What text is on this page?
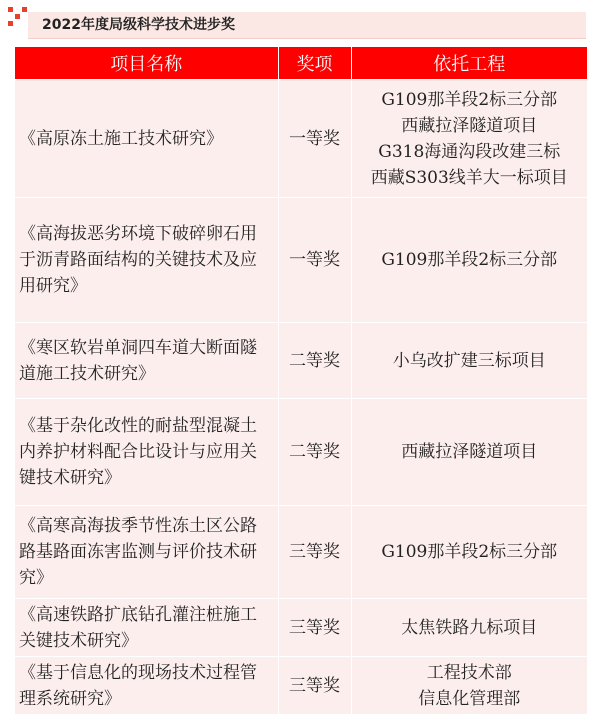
2022年度局级科学技术进步奖
项目名称	奖项	依托工程
《高原冻土施工技术研究》	一等奖	G109那羊段2标三分部
西藏拉泽隧道项目
G318海通沟段改建三标
西藏S303线羊大一标项目

《高海拔恶劣环境下破碎卵石用于沥青路面结构的关键技术及应用研究》	一等奖	G109那羊段2标三分部

《寒区软岩单洞四车道大断面隧道施工技术研究》	二等奖	小乌改扩建三标项目

《基于杂化改性的耐盐型混凝土内养护材料配合比设计与应用关键技术研究》	二等奖	西藏拉泽隧道项目

《高寒高海拔季节性冻土区公路路基路面冻害监测与评价技术研究》	三等奖	G109那羊段2标三分部

《高速铁路扩底钻孔灌注桩施工关键技术研究》	三等奖	太焦铁路九标项目

《基于信息化的现场技术过程管理系统研究》	三等奖	工程技术部
信息化管理部
